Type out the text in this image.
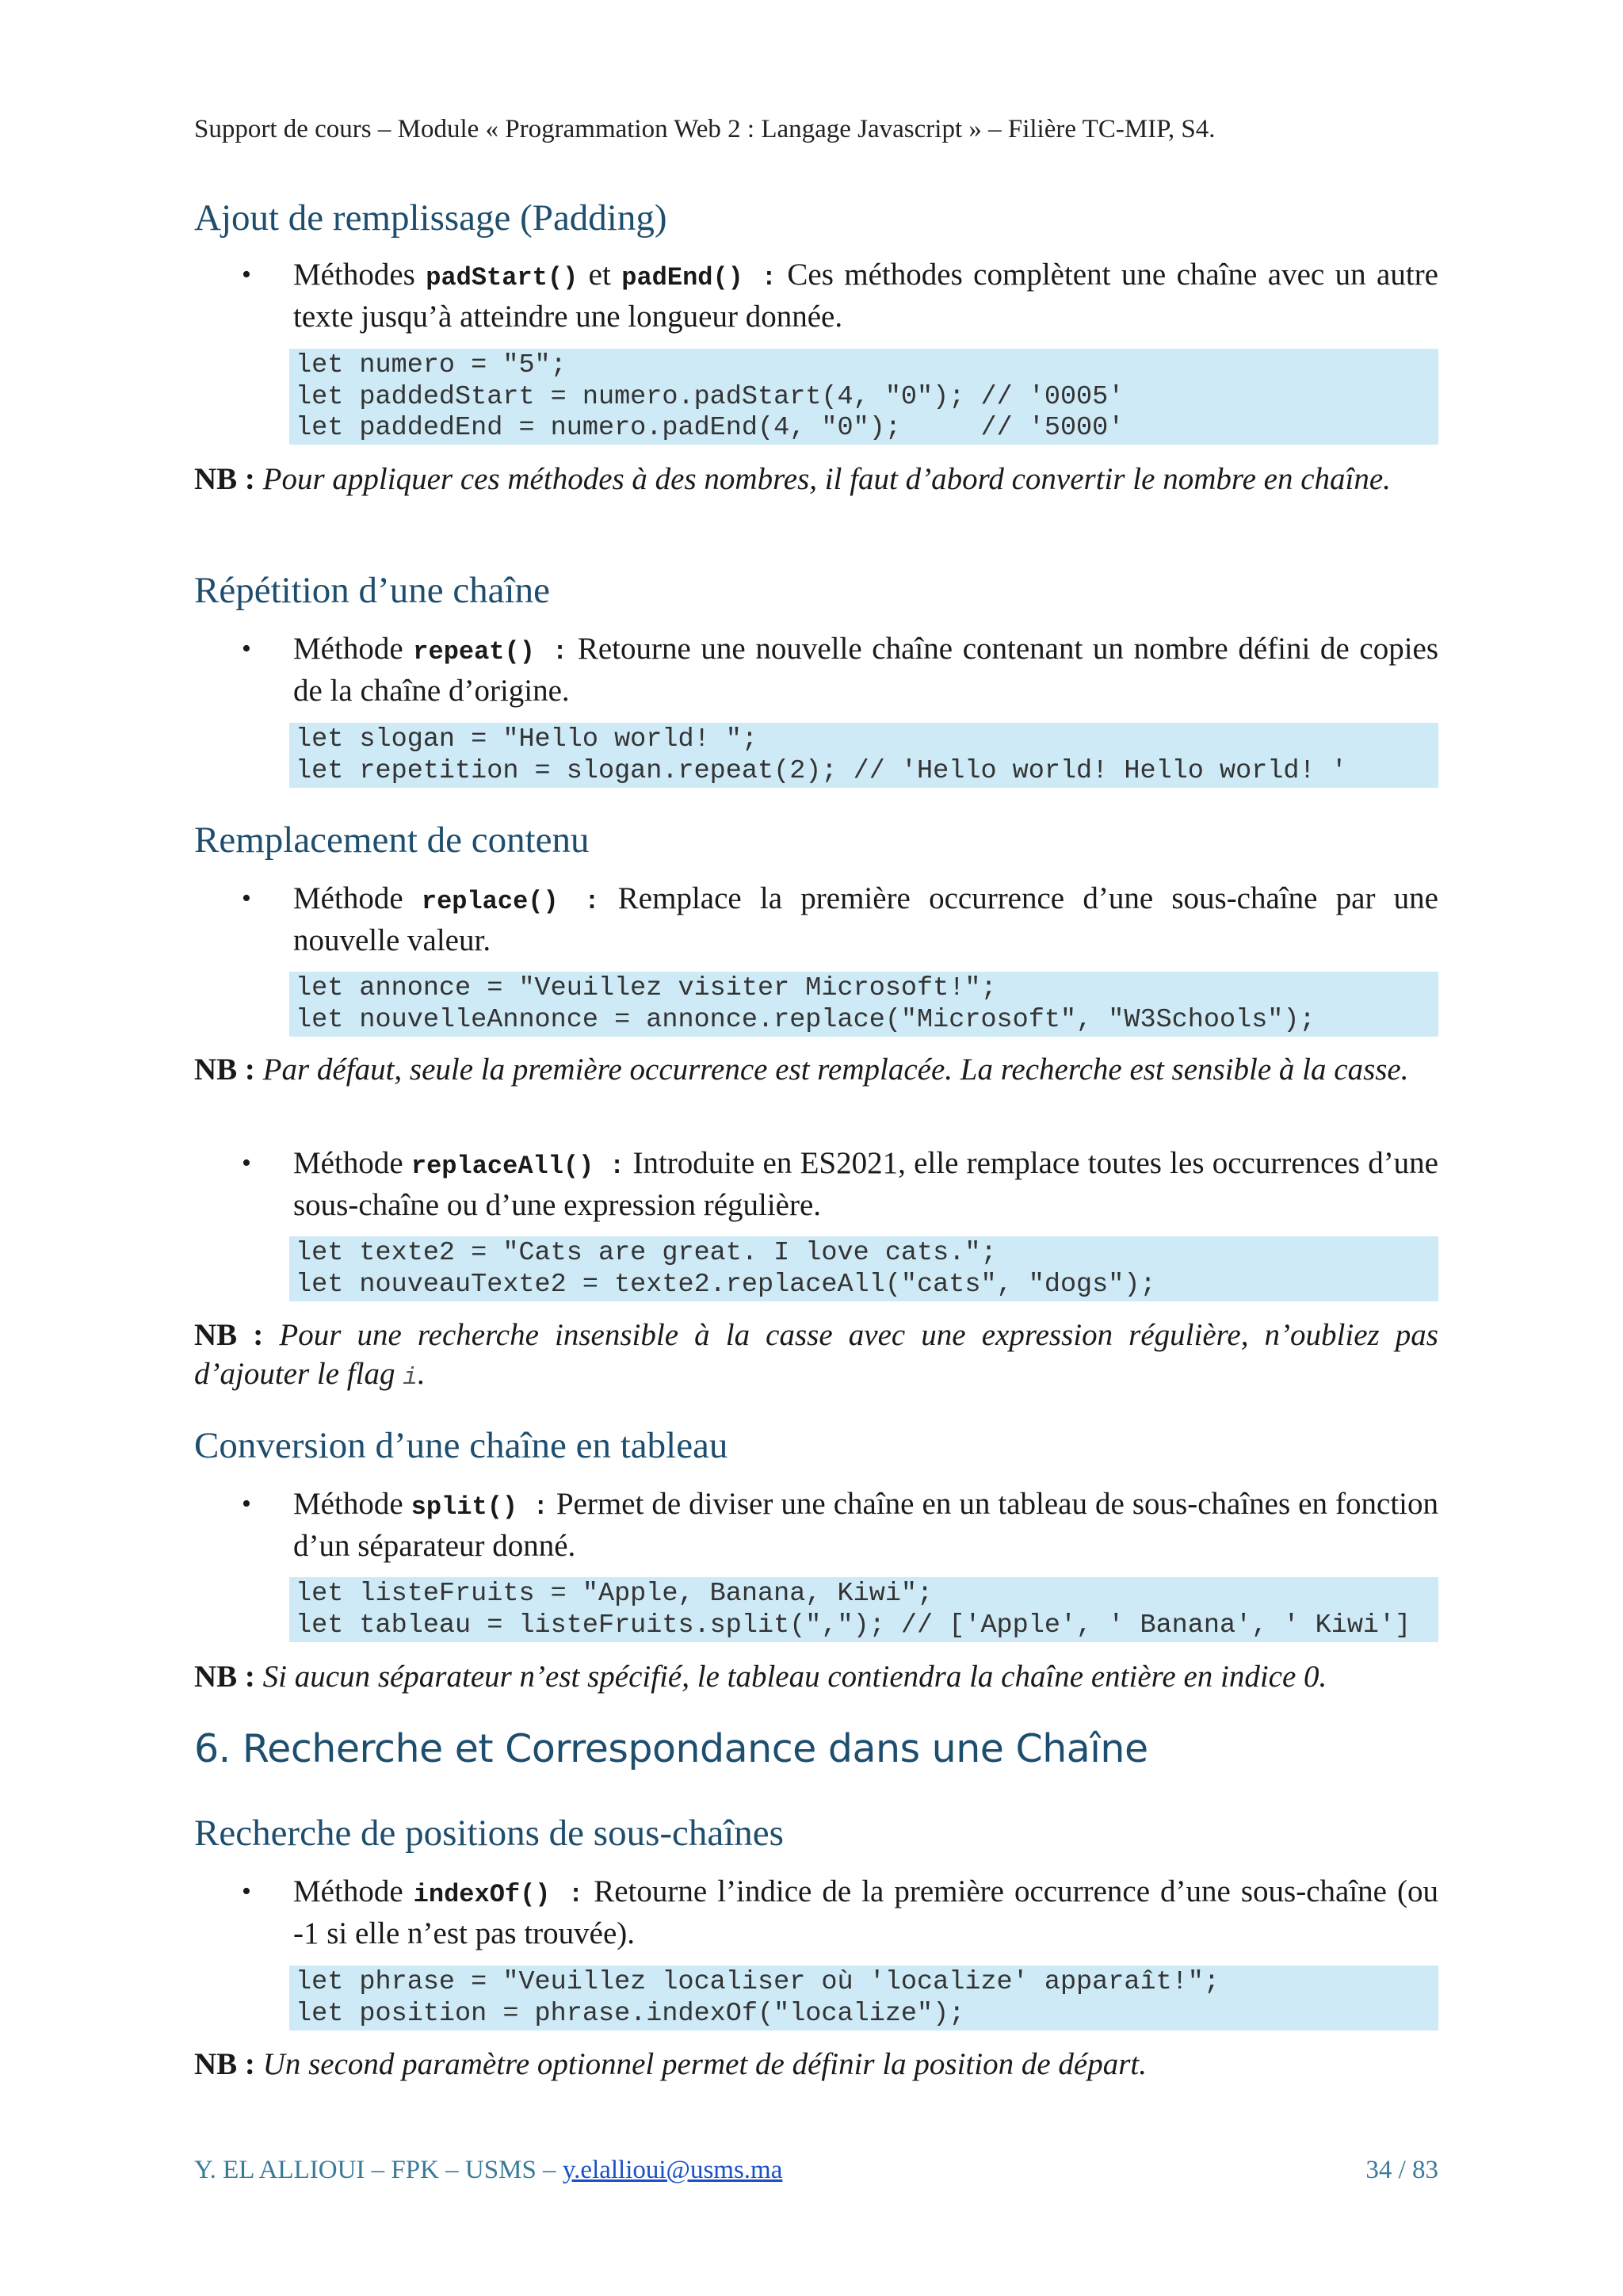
Support de cours – Module « Programmation Web 2 : Langage Javascript » – Filière TC-MIP, S4.
Ajout de remplissage (Padding)
• Méthodes padStart() et padEnd() : Ces méthodes complètent une chaîne avec un autre texte jusqu’à atteindre une longueur donnée.
let numero = "5";
let paddedStart = numero.padStart(4, "0"); // '0005'
let paddedEnd = numero.padEnd(4, "0");     // '5000'
NB : Pour appliquer ces méthodes à des nombres, il faut d’abord convertir le nombre en chaîne.
Répétition d’une chaîne
• Méthode repeat() : Retourne une nouvelle chaîne contenant un nombre défini de copies de la chaîne d’origine.
let slogan = "Hello world! ";
let repetition = slogan.repeat(2); // 'Hello world! Hello world! '
Remplacement de contenu
• Méthode replace() : Remplace la première occurrence d’une sous-chaîne par une nouvelle valeur.
let annonce = "Veuillez visiter Microsoft!";
let nouvelleAnnonce = annonce.replace("Microsoft", "W3Schools");
NB : Par défaut, seule la première occurrence est remplacée. La recherche est sensible à la casse.
• Méthode replaceAll() : Introduite en ES2021, elle remplace toutes les occurrences d’une sous-chaîne ou d’une expression régulière.
let texte2 = "Cats are great. I love cats.";
let nouveauTexte2 = texte2.replaceAll("cats", "dogs");
NB : Pour une recherche insensible à la casse avec une expression régulière, n’oubliez pas d’ajouter le flag i.
Conversion d’une chaîne en tableau
• Méthode split() : Permet de diviser une chaîne en un tableau de sous-chaînes en fonction d’un séparateur donné.
let listeFruits = "Apple, Banana, Kiwi";
let tableau = listeFruits.split(","); // ['Apple', ' Banana', ' Kiwi']
NB : Si aucun séparateur n’est spécifié, le tableau contiendra la chaîne entière en indice 0.
6. Recherche et Correspondance dans une Chaîne
Recherche de positions de sous-chaînes
• Méthode indexOf() : Retourne l’indice de la première occurrence d’une sous-chaîne (ou -1 si elle n’est pas trouvée).
let phrase = "Veuillez localiser où 'localize' apparaît!";
let position = phrase.indexOf("localize");
NB : Un second paramètre optionnel permet de définir la position de départ.
Y. EL ALLIOUI – FPK – USMS – y.elallioui@usms.ma	34 / 83
